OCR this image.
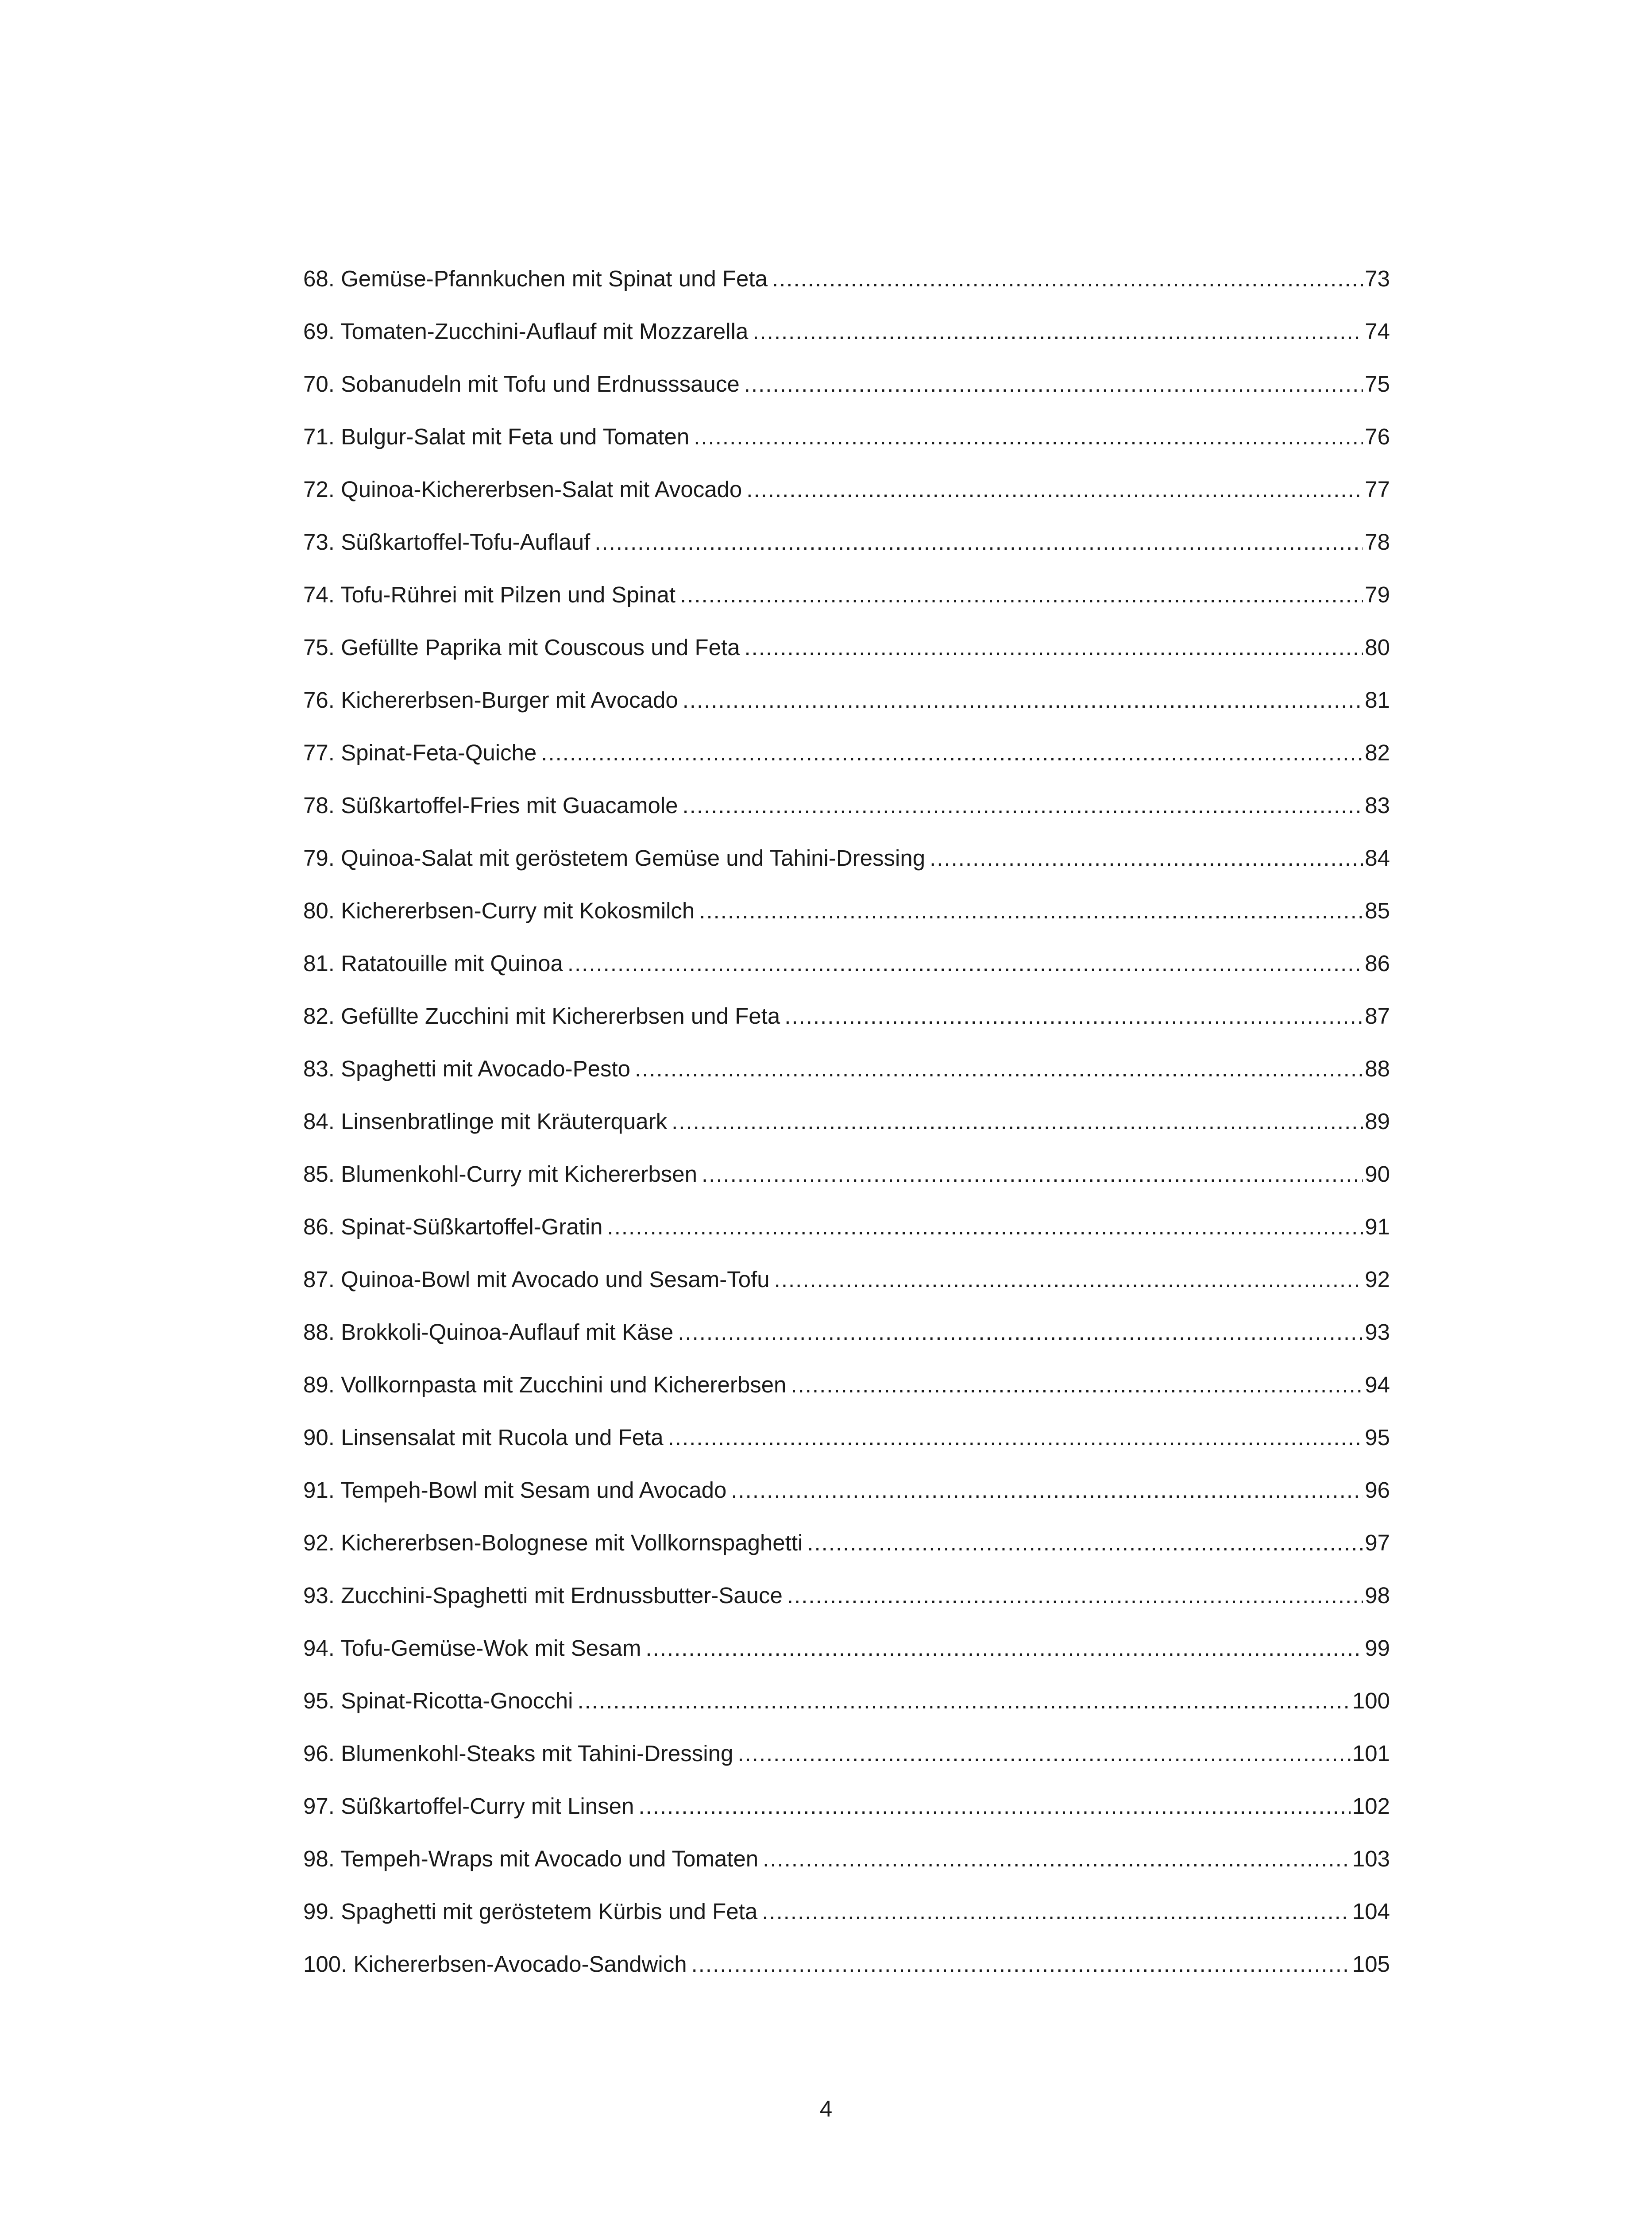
68. Gemüse-Pfannkuchen mit Spinat und Feta .....	73
69. Tomaten-Zucchini-Auflauf mit Mozzarella .....	74
70. Sobanudeln mit Tofu und Erdnusssauce .....	75
71. Bulgur-Salat mit Feta und Tomaten .....	76
72. Quinoa-Kichererbsen-Salat mit Avocado .....	77
73. Süßkartoffel-Tofu-Auflauf .....	78
74. Tofu-Rührei mit Pilzen und Spinat .....	79
75. Gefüllte Paprika mit Couscous und Feta .....	80
76. Kichererbsen-Burger mit Avocado .....	81
77. Spinat-Feta-Quiche .....	82
78. Süßkartoffel-Fries mit Guacamole .....	83
79. Quinoa-Salat mit geröstetem Gemüse und Tahini-Dressing .....	84
80. Kichererbsen-Curry mit Kokosmilch .....	85
81. Ratatouille mit Quinoa .....	86
82. Gefüllte Zucchini mit Kichererbsen und Feta .....	87
83. Spaghetti mit Avocado-Pesto .....	88
84. Linsenbratlinge mit Kräuterquark .....	89
85. Blumenkohl-Curry mit Kichererbsen .....	90
86. Spinat-Süßkartoffel-Gratin .....	91
87. Quinoa-Bowl mit Avocado und Sesam-Tofu .....	92
88. Brokkoli-Quinoa-Auflauf mit Käse .....	93
89. Vollkornpasta mit Zucchini und Kichererbsen .....	94
90. Linsensalat mit Rucola und Feta .....	95
91. Tempeh-Bowl mit Sesam und Avocado .....	96
92. Kichererbsen-Bolognese mit Vollkornspaghetti .....	97
93. Zucchini-Spaghetti mit Erdnussbutter-Sauce .....	98
94. Tofu-Gemüse-Wok mit Sesam .....	99
95. Spinat-Ricotta-Gnocchi .....	100
96. Blumenkohl-Steaks mit Tahini-Dressing .....	101
97. Süßkartoffel-Curry mit Linsen .....	102
98. Tempeh-Wraps mit Avocado und Tomaten .....	103
99. Spaghetti mit geröstetem Kürbis und Feta .....	104
100. Kichererbsen-Avocado-Sandwich .....	105
4
